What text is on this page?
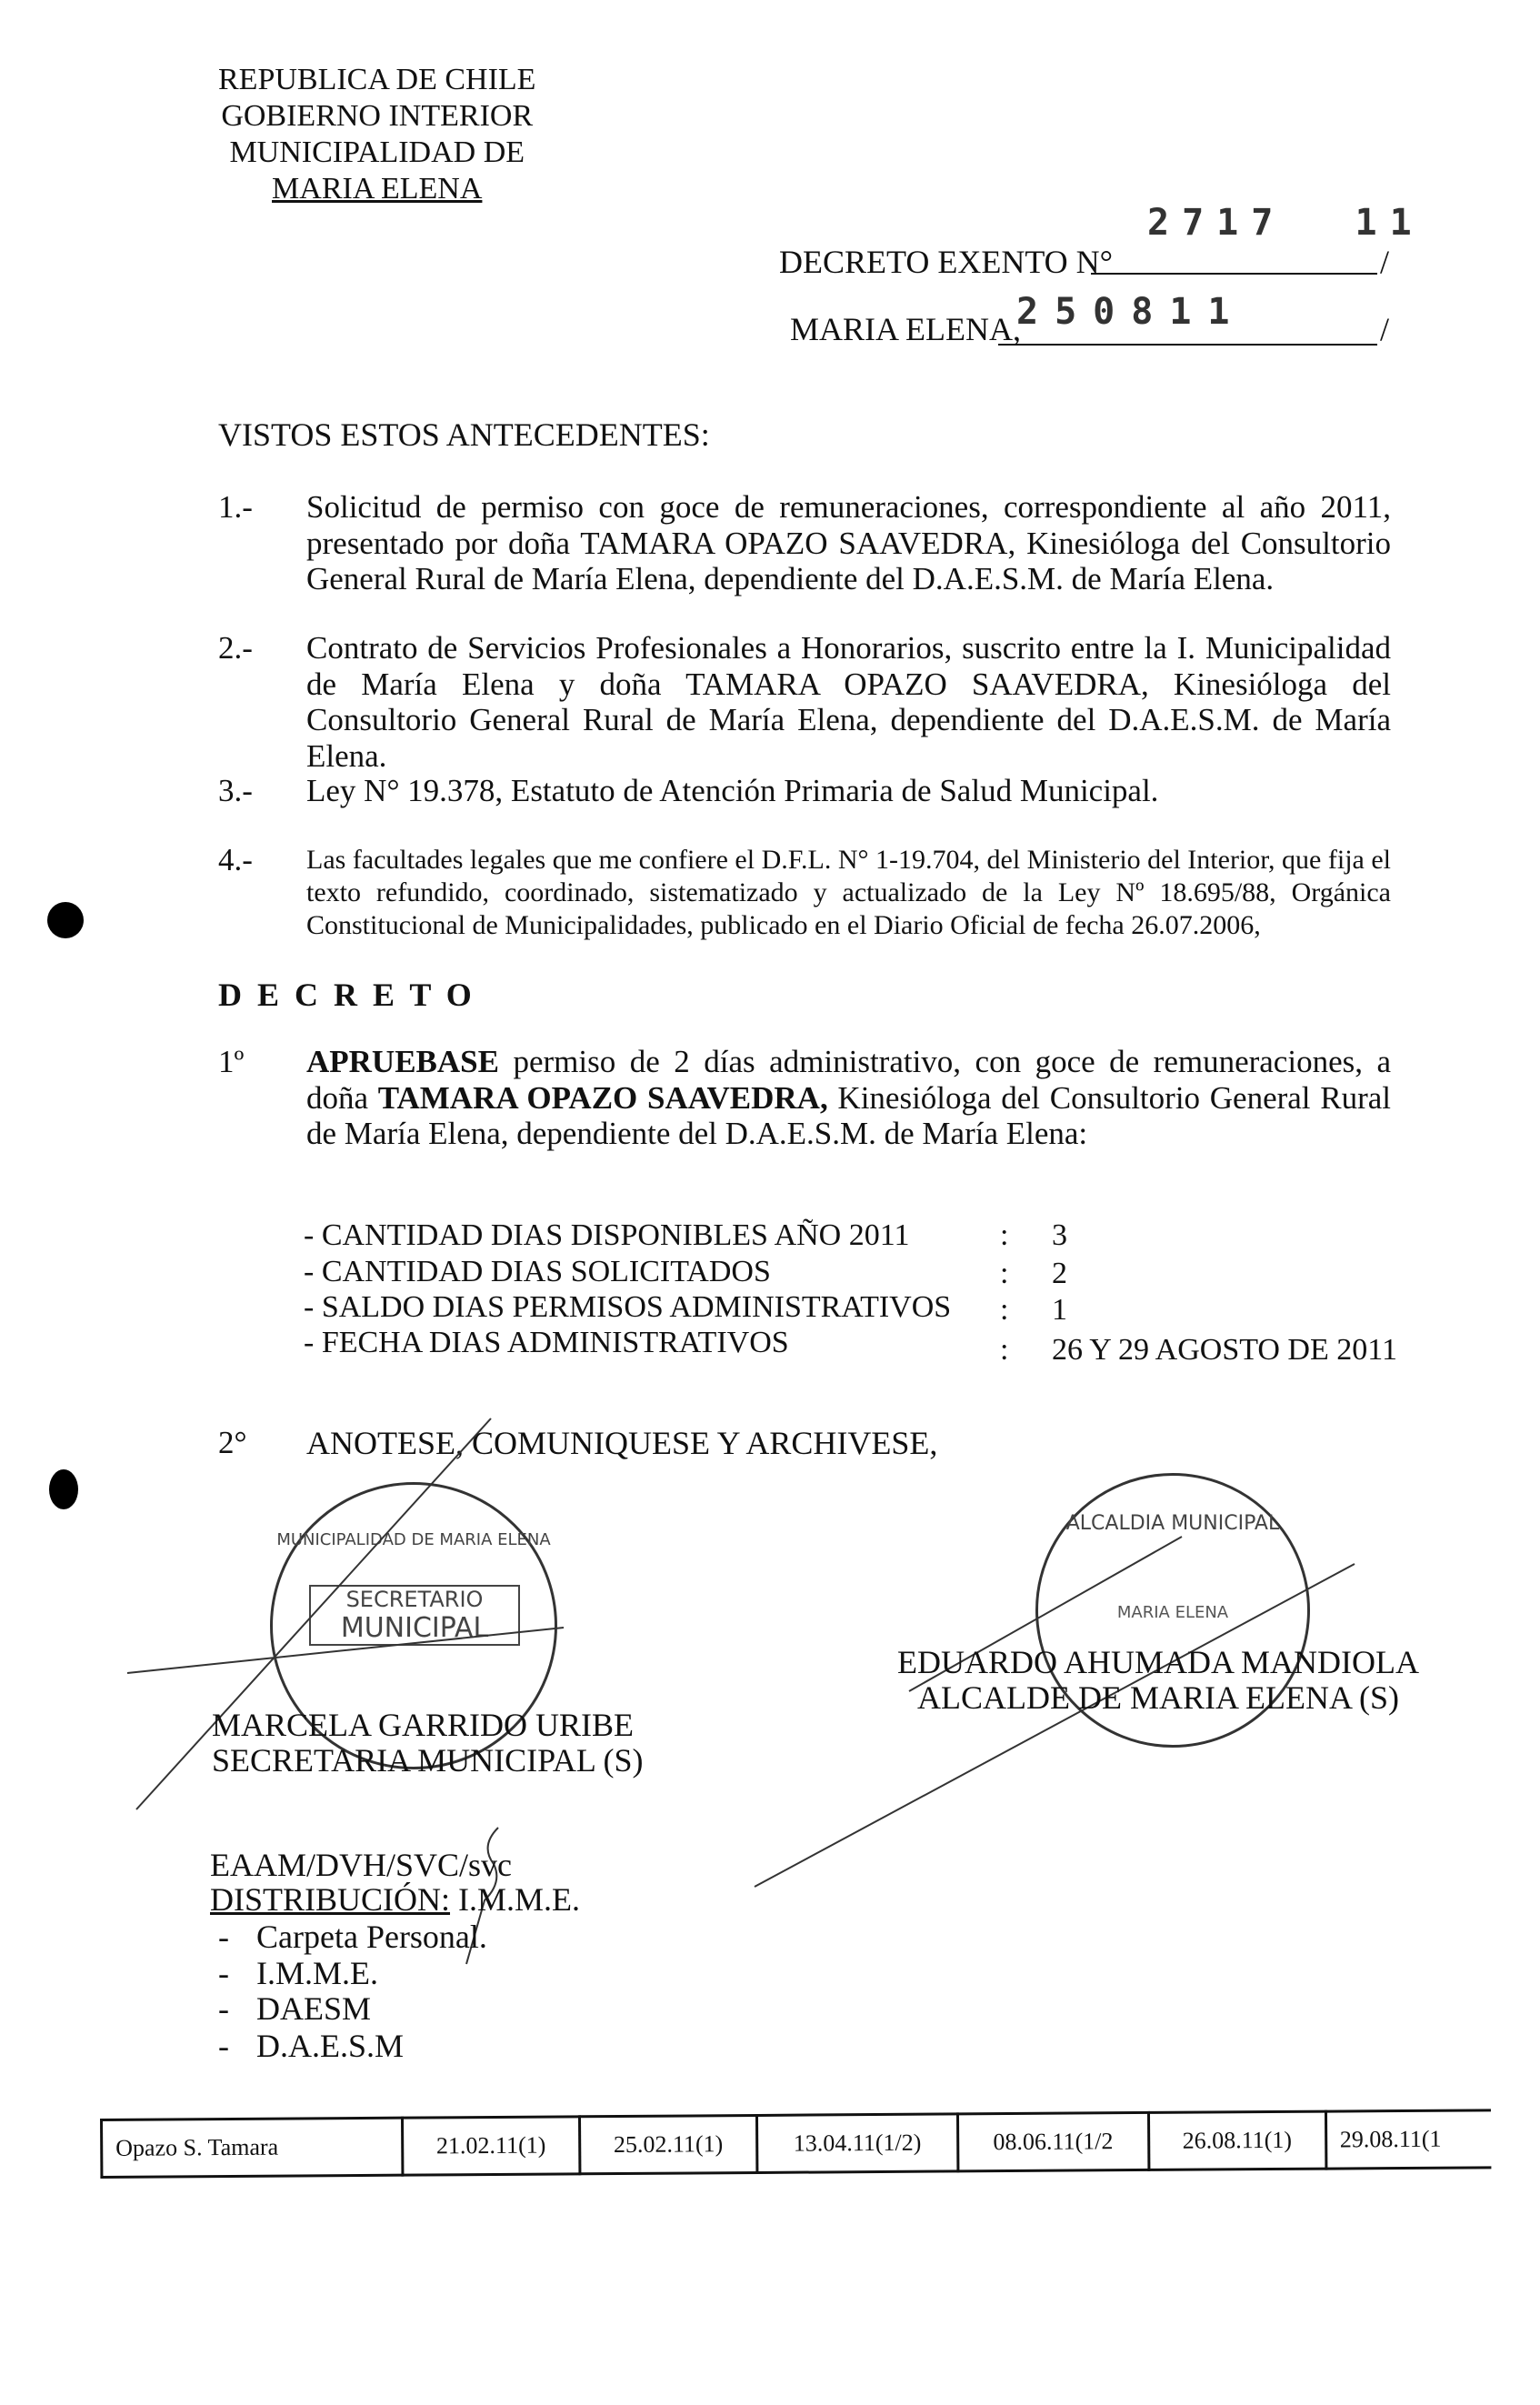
REPUBLICA DE CHILE
GOBIERNO INTERIOR
MUNICIPALIDAD DE
MARIA ELENA
2717  11
DECRETO EXENTO N°	/
250811
MARIA ELENA,	/
VISTOS ESTOS ANTECEDENTES:
1.- Solicitud de permiso con goce de remuneraciones, correspondiente al año 2011, presentado por doña TAMARA OPAZO SAAVEDRA, Kinesióloga del Consultorio General Rural de María Elena, dependiente del D.A.E.S.M. de María Elena.
2.- Contrato de Servicios Profesionales a Honorarios, suscrito entre la I. Municipalidad de María Elena y doña TAMARA OPAZO SAAVEDRA, Kinesióloga del Consultorio General Rural de María Elena, dependiente del D.A.E.S.M. de María Elena.
3.- Ley N° 19.378, Estatuto de Atención Primaria de Salud Municipal.
4.- Las facultades legales que me confiere el D.F.L. N° 1-19.704, del Ministerio del Interior, que fija el texto refundido, coordinado, sistematizado y actualizado de la Ley Nº 18.695/88, Orgánica Constitucional de Municipalidades, publicado en el Diario Oficial de fecha 26.07.2006,
D E C R E T O
1º APRUEBASE permiso de 2 días administrativo, con goce de remuneraciones, a doña TAMARA OPAZO SAAVEDRA, Kinesióloga del Consultorio General Rural de María Elena, dependiente del D.A.E.S.M. de María Elena:
- CANTIDAD DIAS DISPONIBLES AÑO 2011	: 3
- CANTIDAD DIAS SOLICITADOS	: 2
- SALDO DIAS PERMISOS ADMINISTRATIVOS : 1
- FECHA DIAS ADMINISTRATIVOS	: 26 Y 29 AGOSTO DE 2011
2° ANOTESE, COMUNIQUESE Y ARCHIVESE,
MUNICIPALIDAD DE MARIA ELENA
SECRETARIO
MUNICIPAL
ALCALDIA MUNICIPAL
MARIA ELENA
EDUARDO AHUMADA MANDIOLA
ALCALDE DE MARIA ELENA (S)
MARCELA GARRIDO URIBE
SECRETARIA MUNICIPAL (S)
EAAM/DVH/SVC/svc
DISTRIBUCIÓN: I.M.M.E.
- Carpeta Personal.
- I.M.M.E.
- DAESM
- D.A.E.S.M
Opazo S. Tamara	21.02.11(1)	25.02.11(1)	13.04.11(1/2)	08.06.11(1/2	26.08.11(1)	29.08.11(1
